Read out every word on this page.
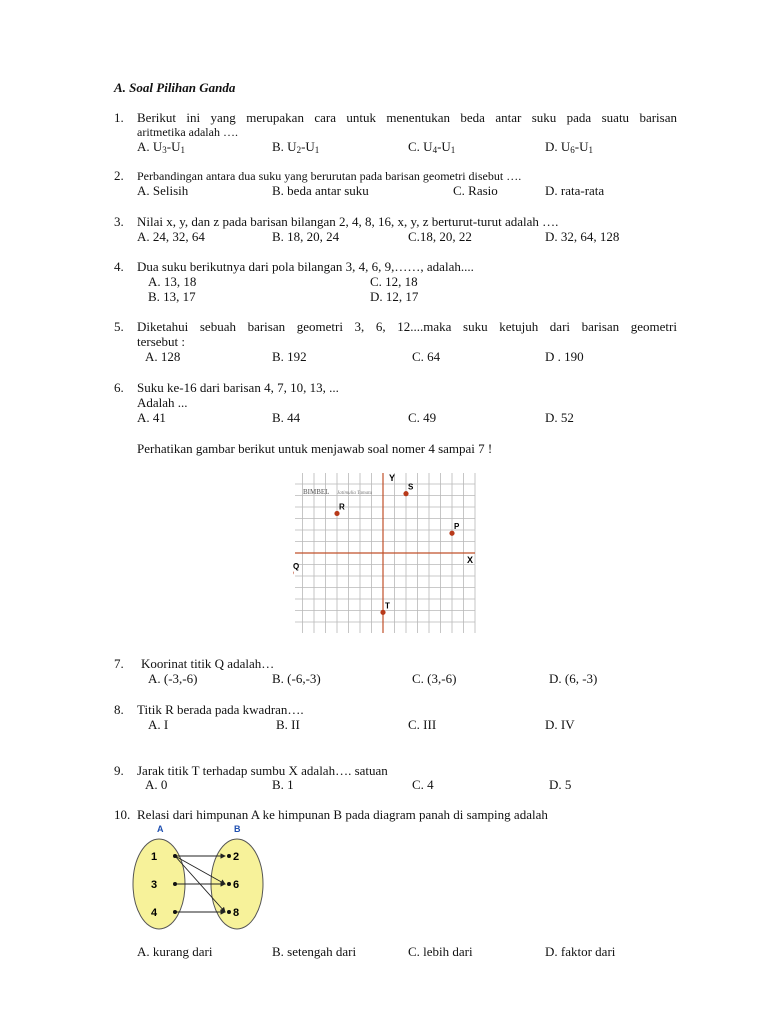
A. Soal Pilihan Ganda
1. Berikut ini yang merupakan cara untuk menentukan beda antar suku pada suatu barisan
aritmetika adalah ….
A. $U_3-U_1$	B. $U_2-U_1$	C. $U_4-U_1$	D. $U_6-U_1$
2. Perbandingan antara dua suku yang berurutan pada barisan geometri disebut ….
A. Selisih	B. beda antar suku	C. Rasio	D. rata-rata
3. Nilai x, y, dan z pada barisan bilangan 2, 4, 8, 16, x, y, z berturut-turut adalah ….
A. 24, 32, 64	B. 18, 20, 24	C.18, 20, 22	D. 32, 64, 128
4. Dua suku berikutnya dari pola bilangan 3, 4, 6, 9,……, adalah....
A. 13, 18	C. 12, 18
B. 13, 17	D. 12, 17
5. Diketahui sebuah barisan geometri 3, 6, 12....maka suku ketujuh dari barisan geometri
tersebut :
A. 128	B. 192	C. 64	D . 190
6. Suku ke-16 dari barisan 4, 7, 10, 13, ...
Adalah ...
A. 41	B. 44	C. 49	D. 52
Perhatikan gambar berikut untuk menjawab soal nomer 4 sampai 7 !
S
R
P
Q
T
Y
X
BIMBEL Jatimulia Tamatu
7. Koorinat titik Q adalah…
A. (-3,-6)	B. (-6,-3)	C. (3,-6)	D. (6, -3)
8. Titik R berada pada kwadran….
A. I	B. II	C. III	D. IV
9. Jarak titik T terhadap sumbu X adalah…. satuan
A. 0	B. 1	C. 4	D. 5
10. Relasi dari himpunan A ke himpunan B pada diagram panah di samping adalah
A	B
1
3
4
2
6
8
A. kurang dari	B. setengah dari	C. lebih dari	D. faktor dari
